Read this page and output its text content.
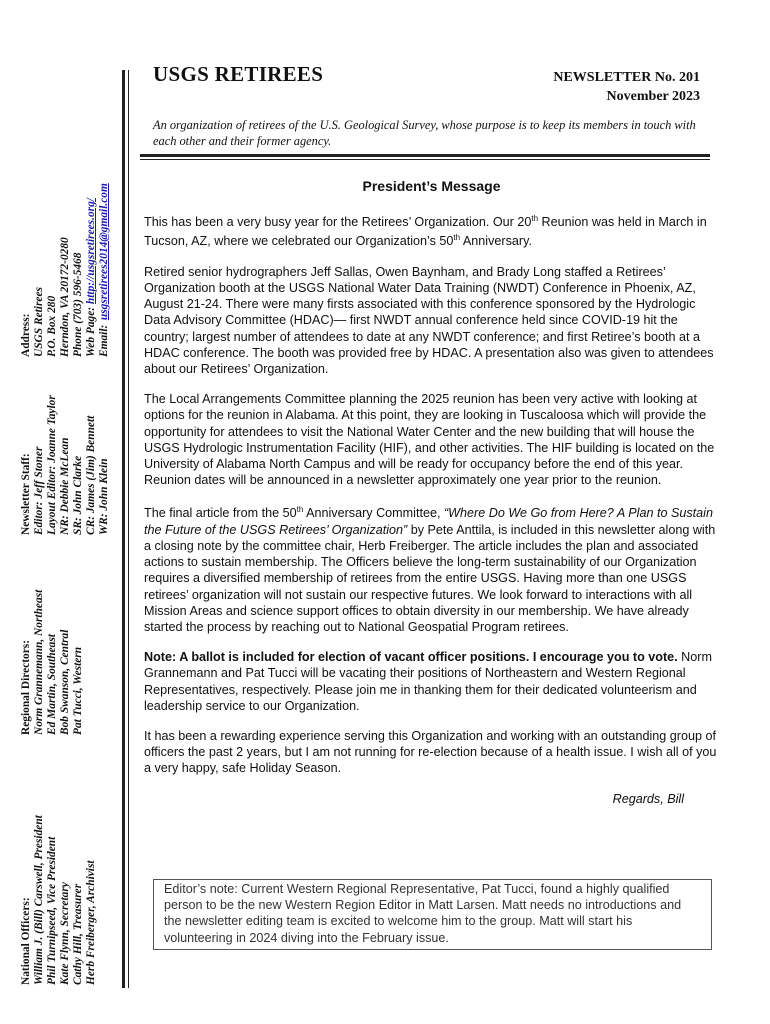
National Officers: William J. (Bill) Carswell, President Phil Turnipseed, Vice President Kate Flynn, Secretary Cathy Hill, Treasurer Herb Freiberger, Archivist
Regional Directors: Norm Grannemann, Northeast Ed Martin, Southeast Bob Swanson, Central Pat Tucci, Western
Newsletter Staff: Editor: Jeff Stoner Layout Editor: Joanne Taylor NR: Debbie McLean SR: John Clarke CR: James (Jim) Bennett WR: John Klein
Address: USGS Retirees P.O. Box 280 Herndon, VA 20172-0280 Phone (703) 596-5468 Web Page: http://usgsretirees.org/
Email: usgsretirees2014@gmail.com
USGS RETIREES	NEWSLETTER No. 201
November 2023
An organization of retirees of the U.S. Geological Survey, whose purpose is to keep its members in touch with each other and their former agency.
President’s Message

This has been a very busy year for the Retirees’ Organization. Our 20th Reunion was held in March in Tucson, AZ, where we celebrated our Organization’s 50th Anniversary.

Retired senior hydrographers Jeff Sallas, Owen Baynham, and Brady Long staffed a Retirees’ Organization booth at the USGS National Water Data Training (NWDT) Conference in Phoenix, AZ, August 21-24. There were many firsts associated with this conference sponsored by the Hydrologic Data Advisory Committee (HDAC)— first NWDT annual conference held since COVID-19 hit the country; largest number of attendees to date at any NWDT conference; and first Retiree’s booth at a HDAC conference. The booth was provided free by HDAC. A presentation also was given to attendees about our Retirees’ Organization.

The Local Arrangements Committee planning the 2025 reunion has been very active with looking at options for the reunion in Alabama. At this point, they are looking in Tuscaloosa which will provide the opportunity for attendees to visit the National Water Center and the new building that will house the USGS Hydrologic Instrumentation Facility (HIF), and other activities. The HIF building is located on the University of Alabama North Campus and will be ready for occupancy before the end of this year. Reunion dates will be announced in a newsletter approximately one year prior to the reunion.

The final article from the 50th Anniversary Committee, “Where Do We Go from Here? A Plan to Sustain the Future of the USGS Retirees’ Organization” by Pete Anttila, is included in this newsletter along with a closing note by the committee chair, Herb Freiberger. The article includes the plan and associated actions to sustain membership. The Officers believe the long-term sustainability of our Organization requires a diversified membership of retirees from the entire USGS. Having more than one USGS retirees’ organization will not sustain our respective futures. We look forward to interactions with all Mission Areas and science support offices to obtain diversity in our membership. We have already started the process by reaching out to National Geospatial Program retirees.

Note: A ballot is included for election of vacant officer positions. I encourage you to vote. Norm Grannemann and Pat Tucci will be vacating their positions of Northeastern and Western Regional Representatives, respectively. Please join me in thanking them for their dedicated volunteerism and leadership service to our Organization.

It has been a rewarding experience serving this Organization and working with an outstanding group of officers the past 2 years, but I am not running for re-election because of a health issue. I wish all of you a very happy, safe Holiday Season.

Regards, Bill

Editor’s note: Current Western Regional Representative, Pat Tucci, found a highly qualified person to be the new Western Region Editor in Matt Larsen. Matt needs no introductions and the newsletter editing team is excited to welcome him to the group. Matt will start his volunteering in 2024 diving into the February issue.
